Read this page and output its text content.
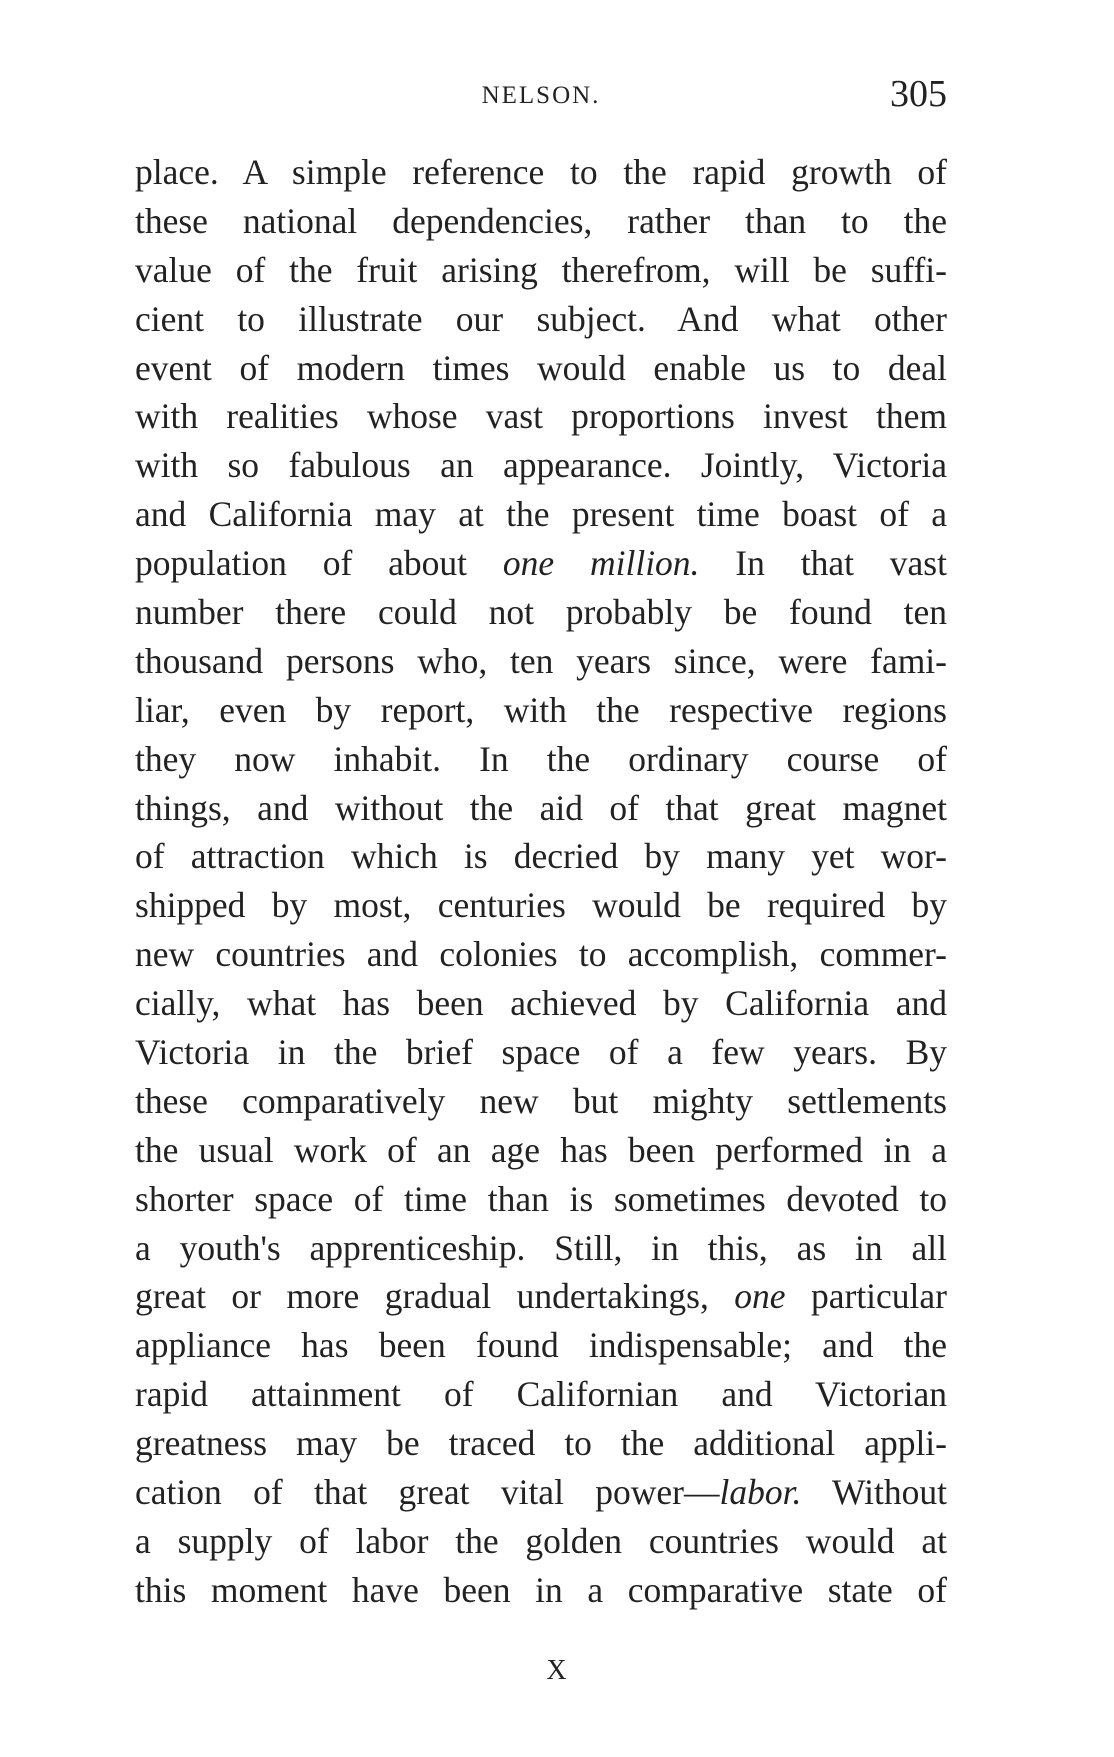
NELSON.	305
place. A simple reference to the rapid growth of
these national dependencies, rather than to the
value of the fruit arising therefrom, will be suffi-
cient to illustrate our subject. And what other
event of modern times would enable us to deal
with realities whose vast proportions invest them
with so fabulous an appearance. Jointly, Victoria
and California may at the present time boast of a
population of about one million. In that vast
number there could not probably be found ten
thousand persons who, ten years since, were fami-
liar, even by report, with the respective regions
they now inhabit. In the ordinary course of
things, and without the aid of that great magnet
of attraction which is decried by many yet wor-
shipped by most, centuries would be required by
new countries and colonies to accomplish, commer-
cially, what has been achieved by California and
Victoria in the brief space of a few years. By
these comparatively new but mighty settlements
the usual work of an age has been performed in a
shorter space of time than is sometimes devoted to
a youth's apprenticeship. Still, in this, as in all
great or more gradual undertakings, one particular
appliance has been found indispensable; and the
rapid attainment of Californian and Victorian
greatness may be traced to the additional appli-
cation of that great vital power—labor. Without
a supply of labor the golden countries would at
this moment have been in a comparative state of
X
